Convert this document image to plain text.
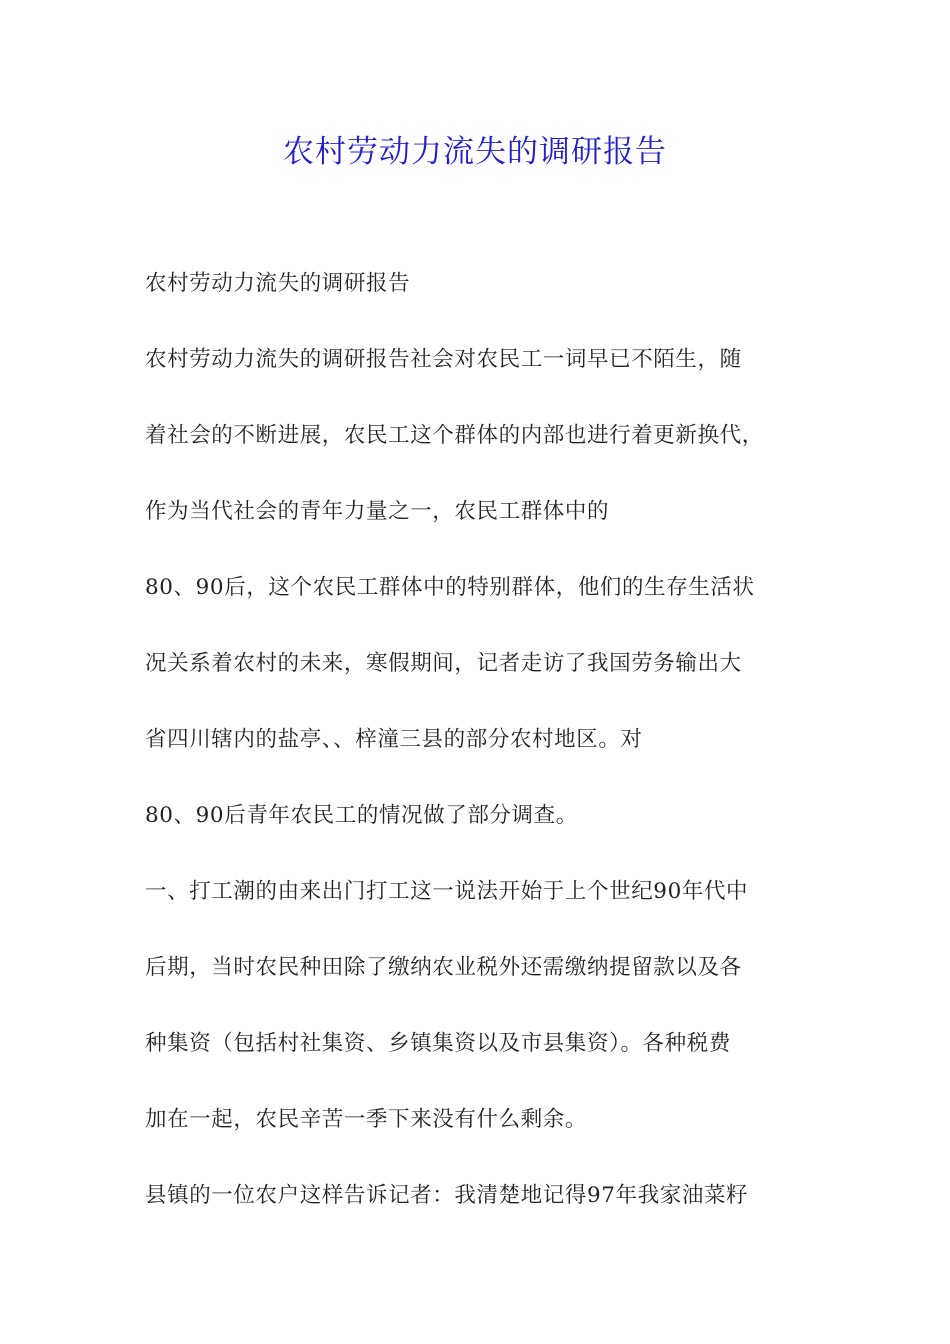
农村劳动力流失的调研报告
农村劳动力流失的调研报告
农村劳动力流失的调研报告社会对农民工一词早已不陌生，随
着社会的不断进展，农民工这个群体的内部也进行着更新换代，
作为当代社会的青年力量之一，农民工群体中的
80、90后，这个农民工群体中的特别群体，他们的生存生活状
况关系着农村的未来，寒假期间，记者走访了我国劳务输出大
省四川辖内的盐亭、、梓潼三县的部分农村地区。对
80、90后青年农民工的情况做了部分调查。
一、打工潮的由来出门打工这一说法开始于上个世纪90年代中
后期，当时农民种田除了缴纳农业税外还需缴纳提留款以及各
种集资（包括村社集资、乡镇集资以及市县集资）。各种税费
加在一起，农民辛苦一季下来没有什么剩余。
县镇的一位农户这样告诉记者：我清楚地记得97年我家油菜籽
